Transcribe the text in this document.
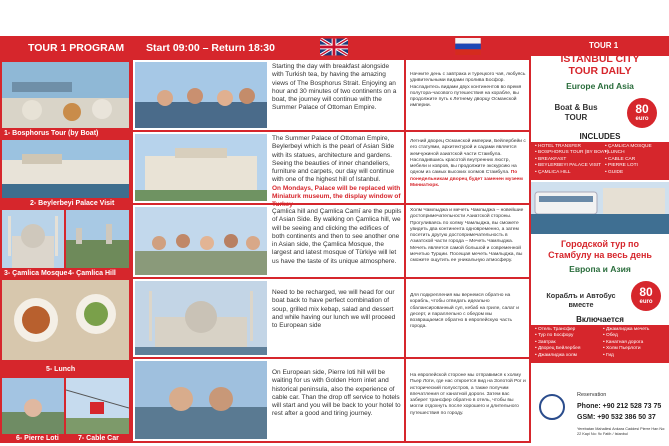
TOUR 1 PROGRAM Start 09:00 – Return 18:30
1- Bosphorus Tour (by Boat)
2- Beylerbeyi Palace Visit
3- Çamlica Mosque 4- Çamlica Hill
5- Lunch
6- Pierre Loti	7- Cable Car
Starting the day with breakfast alongside with Turkish tea, by having the amazing views of The Bosphorus Strait. Enjoying an hour and 30 minutes of two continents on a boat, the journey will continue with the Summer Palace of Ottoman Empire.
The Summer Palace of Ottoman Empire, Beylerbeyi which is the pearl of Asian Side with its statues, architecture and gardens. Seeing the beauties of inner chandeliers, furniture and carpets, our day will continue with one of the highest hill of Istanbul.
On Mondays, Palace will be replaced with Miniaturk museum, the display window of Turkey
Çamlica hill and Çamlica Camī are the pupils of Asian Side. By walking on Çamlica hill, we will be seeing and clicking the edifices of both continents and then to see another one in Asian side, the Çamlica Mosque, the largest and latest mosque of Türkiye will let us have the taste of its unique atmosphere.
Need to be recharged, we will head for our boat back to have perfect combination of soup, grilled mix kebap, salad and dessert and while having our lunch we will proceed to European side
On European side, Pierre loti hill will be waiting for us with Golden Horn inlet and historical peninsula, also the experience of cable car. Than the drop off service to hotels will start and you will be back to your hotel to rest after a good and tiring journey.
Начните день с завтрака и турецкого чая, любуясь удивительными видами пролива Босфор. Насладитесь видами двух континентов во время полутора-часового путешествия на корабле, вы продолжите путь к Летнему дворцу Османской империи.
Летний дворец Османской империи, Бейлербейи с его статуями, архитектурой и садами является жемчужиной азиатской части Стамбула. Насладившись красотой внутренних люстр, мебели и ковров, вы продолжите экскурсию на одном из самых высоких холмов Стамбула. По понедельникам дворец будет заменен музеем Миниатюрк.
Холм Чамлыджа и мечеть Чамлыджа – новейшие достопримечательности Азиатской стороны. Прогуливаясь по холму Чамлыджа, вы сможете увидеть два континента одновременно, а затем посетить другую достопримечательность в Азиатской части города – Мечеть Чамлыджа. Мечеть является самой большой и современной мечетью Турции. Посещая мечеть Чамлыджа, вы сможете ощутить ее уникальную атмосферу.
Для подкрепления мы вернемся обратно на корабль, чтобы отведать идеально сбалансированный суп, кебаб на гриле, салат и десерт, и параллельно с обедом мы возвращаемся обратно в европейскую часть города.
На европейской стороне мы отправимся к холму Пьер Лоти, где нас откроется вид на Золотой Рог и исторический полуостров, а также получим впечатления от канатной дороги. Затем вас заберет трансфер обратно в отель, чтобы вы могли отдохнуть после хорошего и длительного путешествия по городу.
TOUR 1
ISTANBUL CITY
TOUR DAILY
Europe And Asia
Boat & Bus
TOUR
80
euro
INCLUDES
• HOTEL TRANSFER
• BOSPHORUS TOUR (BY BOAT)
• BREAKFAST
• BEYLERBEYI PALACE VISIT
• ÇAMLICA HILL
• ÇAMLICA MOSQUE
• LUNCH
• CABLE CAR
• PIERRE LOTI
• GUIDE
Городской тур по
Стамбулу на весь день
Европа и Азия
Кораблъ и Автобус
вместе
80
euro
Включается
• Отель Трансфер
• Тур по Босфору
• Завтрак
• Дворец Бейлербея
• Джамлиджа холм
• Джамлиджа мечеть
• Обед
• Канатная дорога
• Холм Пьерлоти
• Гид
Reservation
Phone: +90 212 528 73 75
GSM: +90 532 386 50 37
Yerebatan Mahallesi Ankara Caddesi Pierre Han No: 22 Kapi No: 9c Fatih / Istanbul
